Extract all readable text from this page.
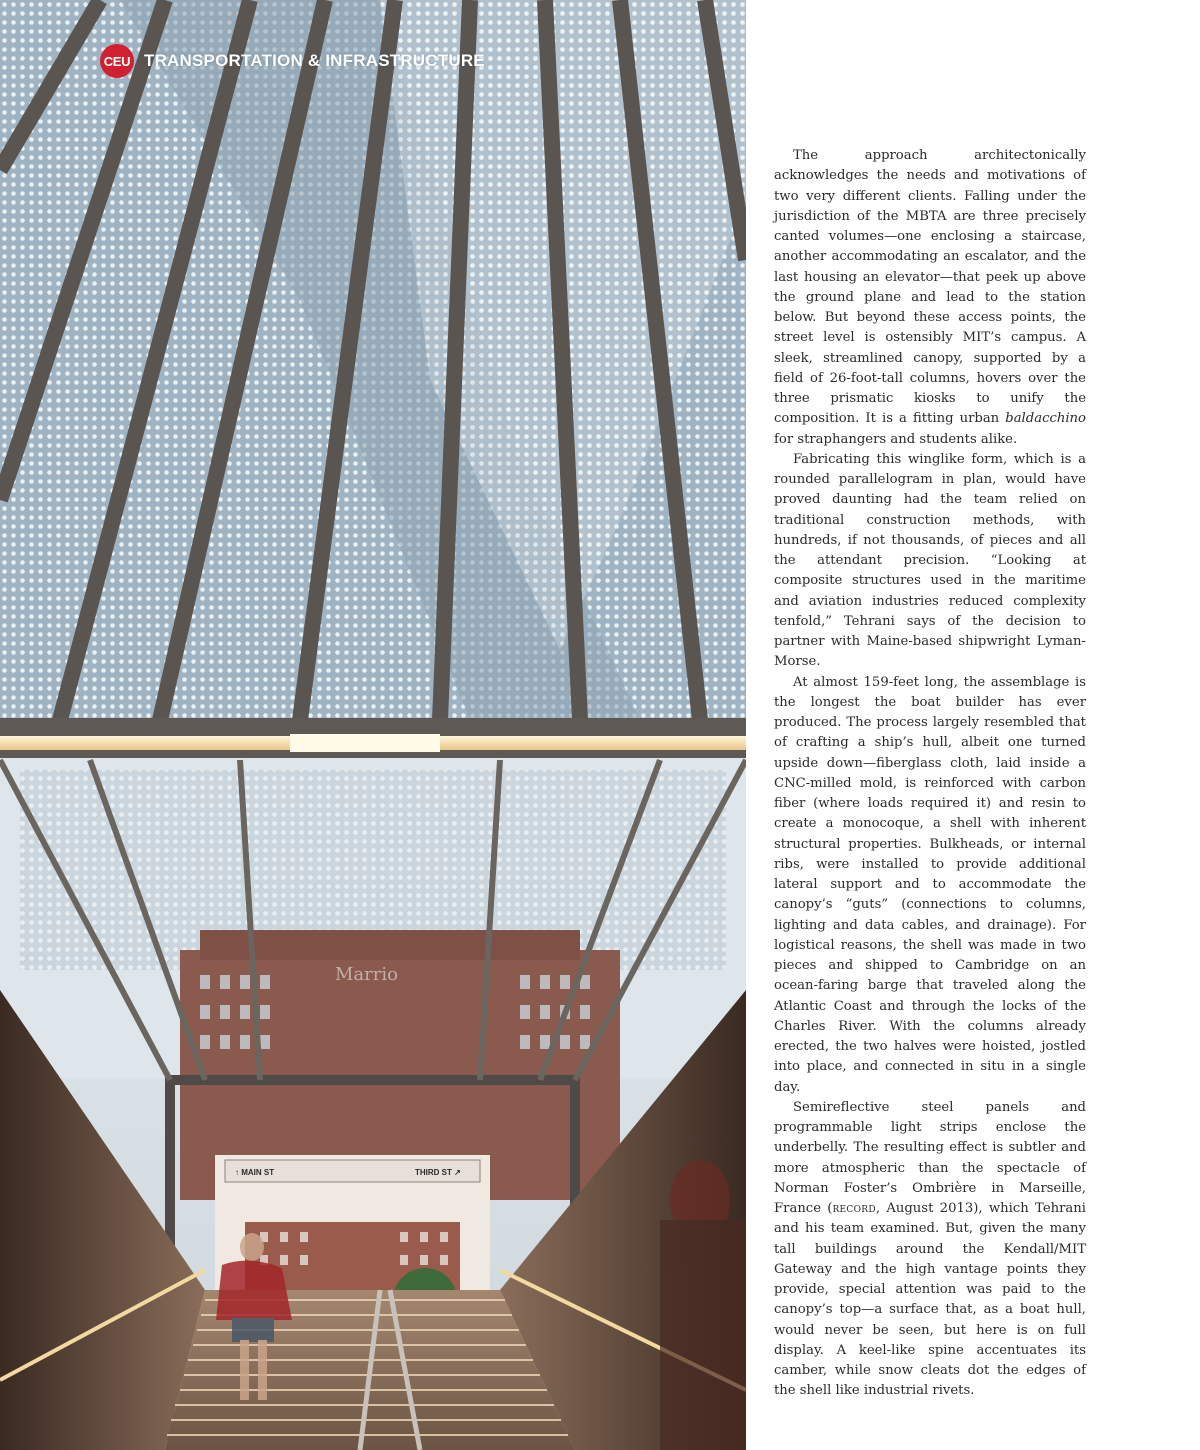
Marrio
↑ MAIN ST	THIRD ST ↗
CEU TRANSPORTATION & INFRASTRUCTURE

The approach architectonically acknowledges the needs and motivations of two very different clients. Falling under the jurisdiction of the MBTA are three precisely canted volumes—one enclosing a staircase, another accommodating an escalator, and the last housing an elevator—that peek up above the ground plane and lead to the station below. But beyond these access points, the street level is ostensibly MIT’s campus. A sleek, streamlined canopy, supported by a field of 26-foot-tall columns, hovers over the three prismatic kiosks to unify the composition. It is a fitting urban baldacchino for straphangers and students alike.

Fabricating this winglike form, which is a rounded parallelogram in plan, would have proved daunting had the team relied on traditional construction methods, with hundreds, if not thousands, of pieces and all the attendant precision. “Looking at composite structures used in the maritime and aviation industries reduced complexity tenfold,” Tehrani says of the decision to partner with Maine-based shipwright Lyman-Morse.

At almost 159-feet long, the assemblage is the longest the boat builder has ever produced. The process largely resembled that of crafting a ship’s hull, albeit one turned upside down—fiberglass cloth, laid inside a CNC-milled mold, is reinforced with carbon fiber (where loads required it) and resin to create a monocoque, a shell with inherent structural properties. Bulkheads, or internal ribs, were installed to provide additional lateral support and to accommodate the canopy’s “guts” (connections to columns, lighting and data cables, and drainage). For logistical reasons, the shell was made in two pieces and shipped to Cambridge on an ocean-faring barge that traveled along the Atlantic Coast and through the locks of the Charles River. With the columns already erected, the two halves were hoisted, jostled into place, and connected in situ in a single day.

Semireflective steel panels and programmable light strips enclose the underbelly. The resulting effect is subtler and more atmospheric than the spectacle of Norman Foster’s Ombrière in Marseille, France (record, August 2013), which Tehrani and his team examined. But, given the many tall buildings around the Kendall/MIT Gateway and the high vantage points they provide, special attention was paid to the canopy’s top—a surface that, as a boat hull, would never be seen, but here is on full display. A keel-like spine accentuates its camber, while snow cleats dot the edges of the shell like industrial rivets.
